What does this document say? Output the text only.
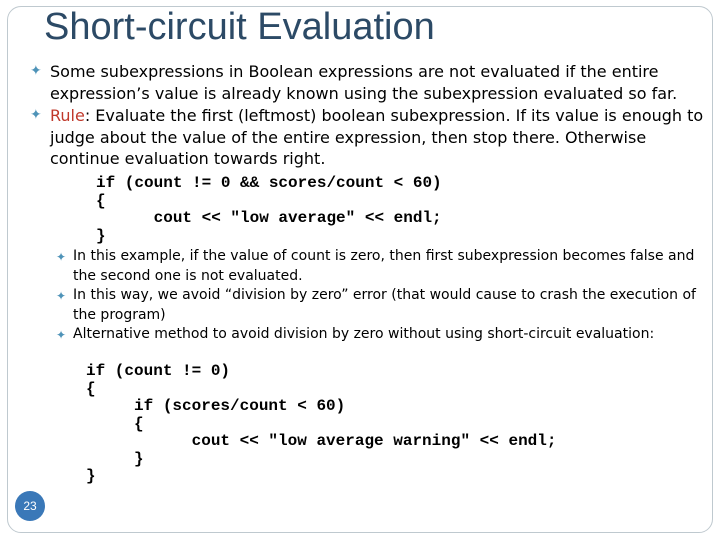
Short-circuit Evaluation
✦ Some subexpressions in Boolean expressions are not evaluated if the entire expression’s value is already known using the subexpression evaluated so far.
✦ Rule: Evaluate the first (leftmost) boolean subexpression. If its value is enough to judge about the value of the entire expression, then stop there. Otherwise continue evaluation towards right.
if (count != 0 && scores/count < 60)
{
cout << "low average" << endl;
}
✦ In this example, if the value of count is zero, then first subexpression becomes false and the second one is not evaluated.
✦ In this way, we avoid “division by zero” error (that would cause to crash the execution of the program)
✦ Alternative method to avoid division by zero without using short-circuit evaluation:
if (count != 0)
{
if (scores/count < 60)
{
cout << "low average warning" << endl;
}
}
23
